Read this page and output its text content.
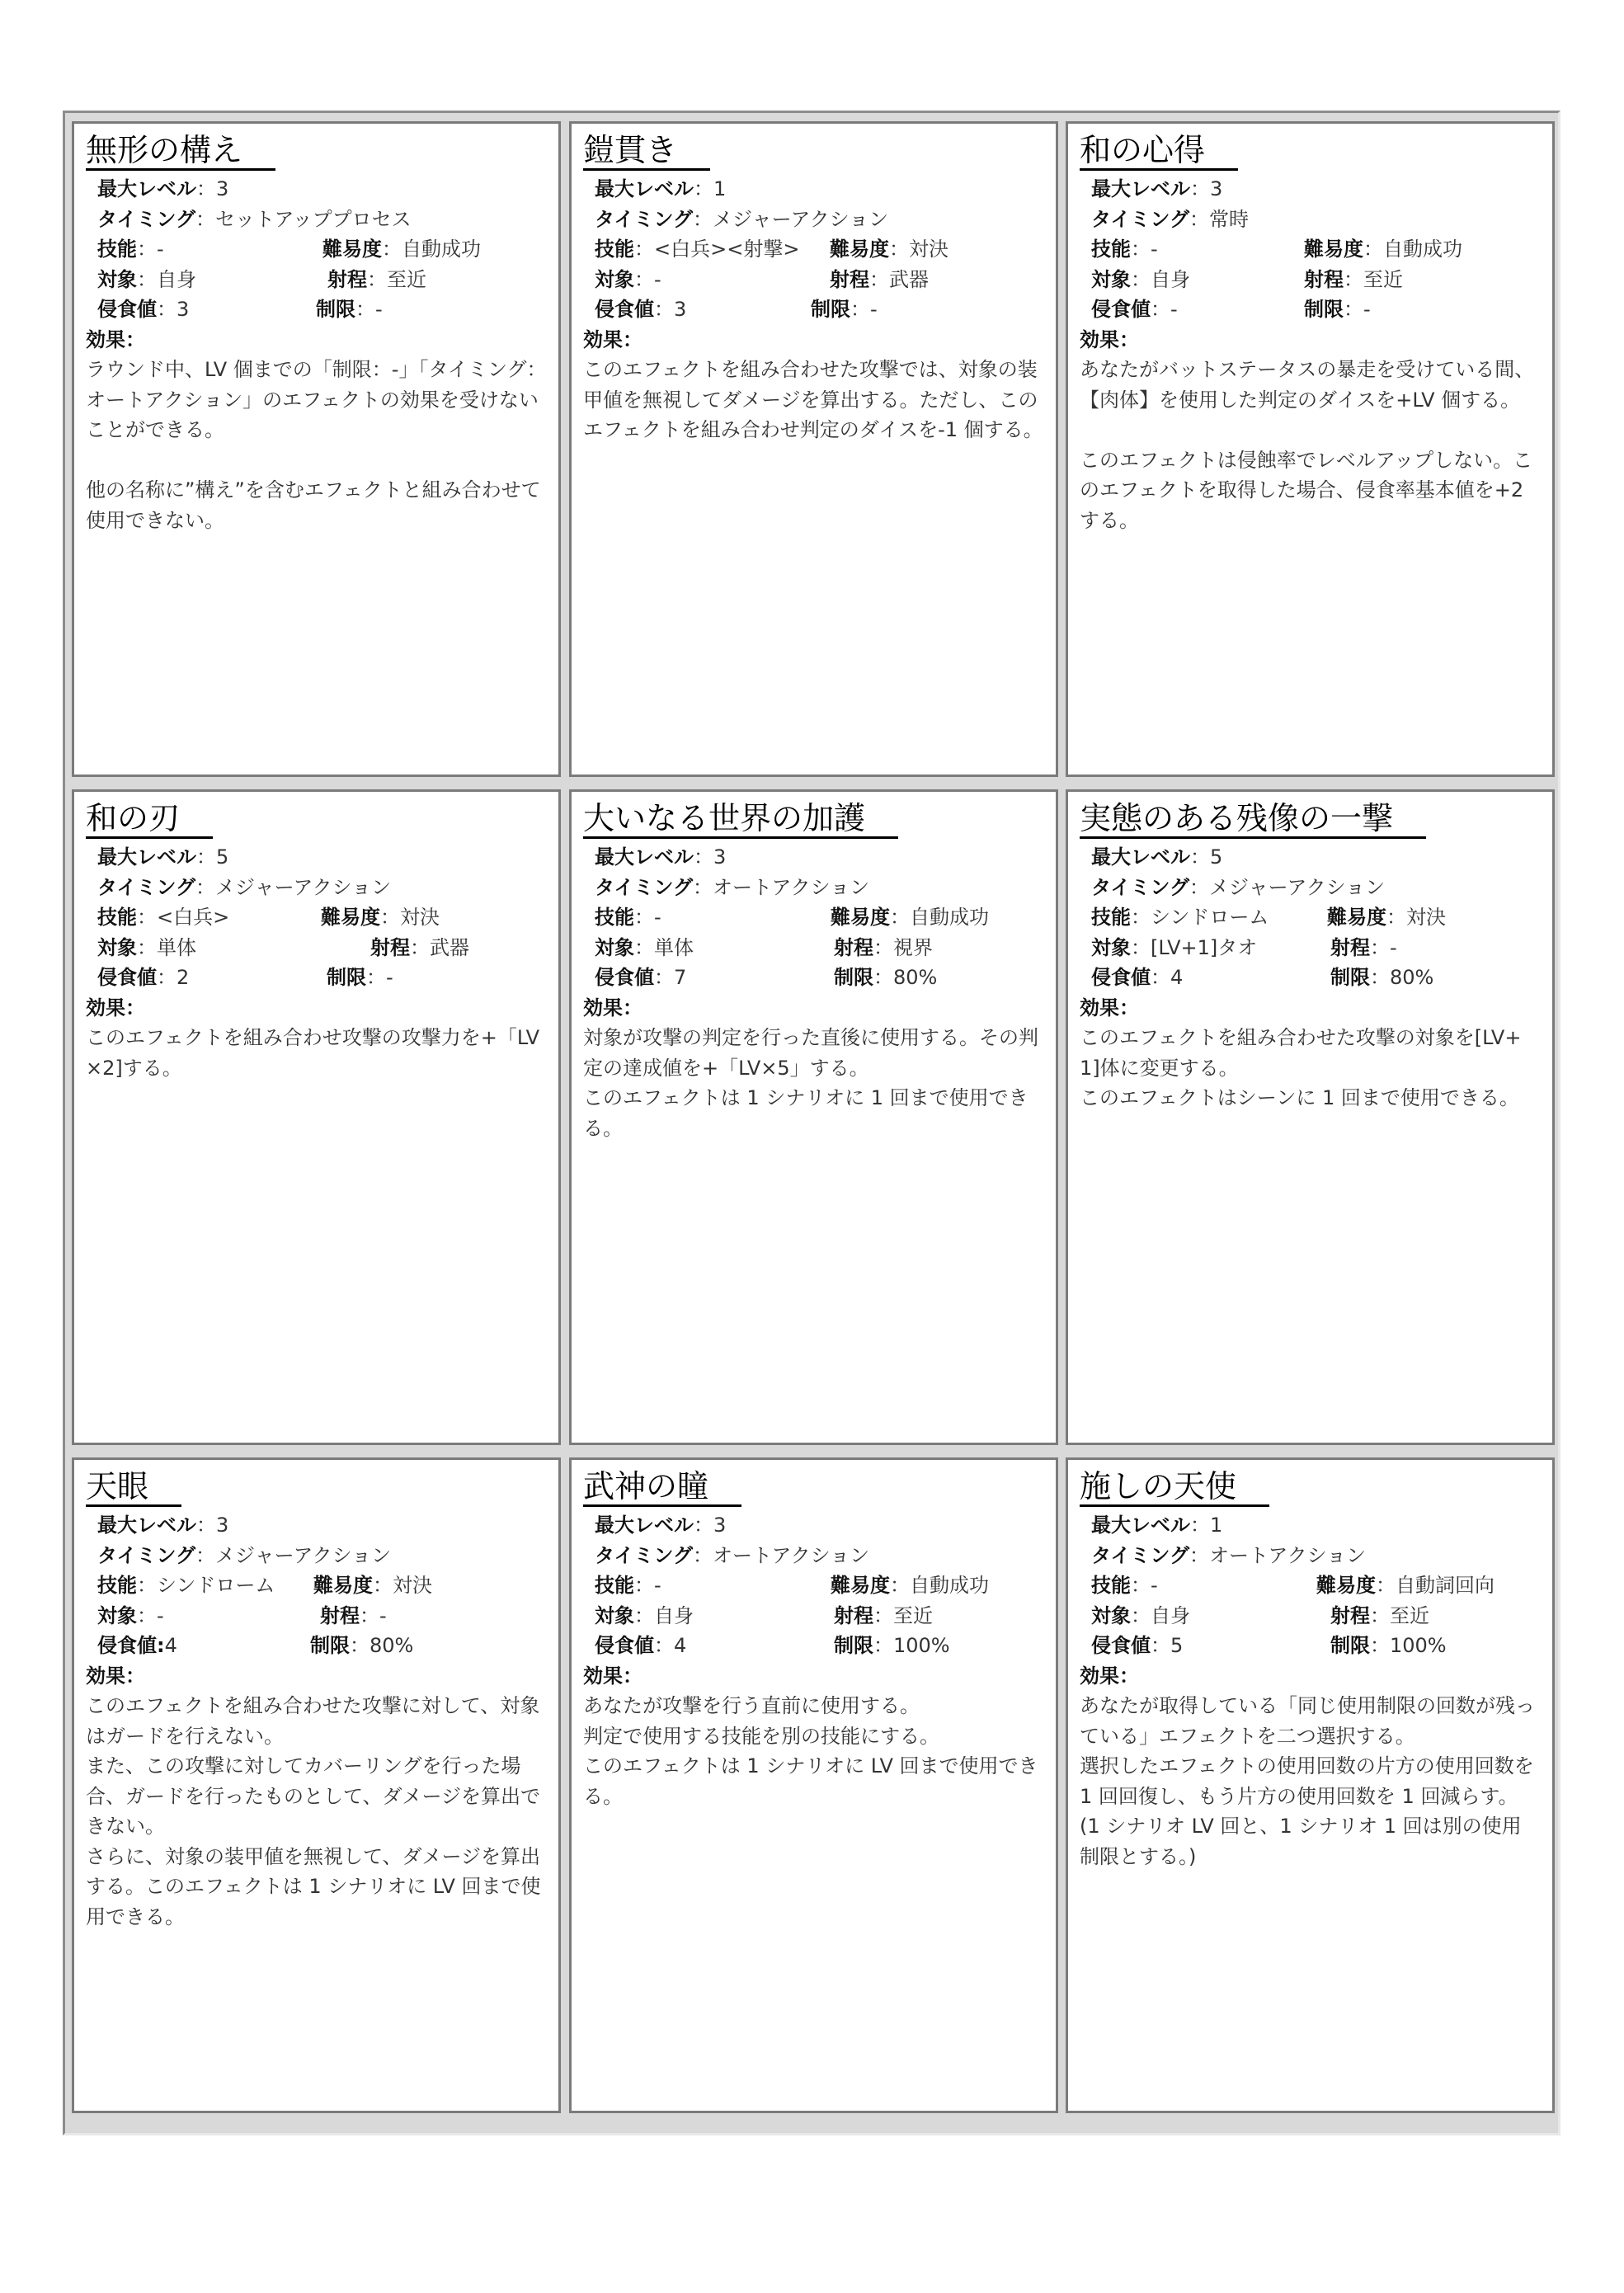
無形の構え
最大レベル：3
タイミング：セットアッププロセス
技能：-	難易度：自動成功
対象：自身	射程：至近
侵食値：3	制限：-
効果：

ラウンド中、LV 個までの「制限：-」「タイミング：オートアクション」のエフェクトの効果を受けないことができる。

他の名称に”構え”を含むエフェクトと組み合わせて使用できない。

鎧貫き
最大レベル：1
タイミング：メジャーアクション
技能：<白兵><射撃> 難易度：対決
対象：-	射程：武器
侵食値：3	制限：-
効果：

このエフェクトを組み合わせた攻撃では、対象の装甲値を無視してダメージを算出する。ただし、このエフェクトを組み合わせ判定のダイスを-1 個する。

和の心得
最大レベル：3
タイミング：常時
技能：-	難易度：自動成功
対象：自身	射程：至近
侵食値：-	制限：-
効果：

あなたがバットステータスの暴走を受けている間、【肉体】を使用した判定のダイスを+LV 個する。

このエフェクトは侵蝕率でレベルアップしない。このエフェクトを取得した場合、侵食率基本値を+2 する。

和の刃
最大レベル：5
タイミング：メジャーアクション
技能：<白兵>	難易度：対決
対象：単体	射程：武器
侵食値：2	制限：-
効果：

このエフェクトを組み合わせ攻撃の攻撃力を+「LV×2]する。

大いなる世界の加護
最大レベル：3
タイミング：オートアクション
技能：-	難易度：自動成功
対象：単体	射程：視界
侵食値：7	制限：80%
効果：

対象が攻撃の判定を行った直後に使用する。その判定の達成値を+「LV×5」する。

このエフェクトは 1 シナリオに 1 回まで使用できる。

実態のある残像の一撃
最大レベル：5
タイミング：メジャーアクション
技能：シンドローム	難易度：対決
対象：[LV+1]タオ	射程：-
侵食値：4	制限：80%
効果：

このエフェクトを組み合わせた攻撃の対象を[LV+1]体に変更する。

このエフェクトはシーンに 1 回まで使用できる。

天眼
最大レベル：3
タイミング：メジャーアクション
技能：シンドローム 難易度：対決
対象：-	射程：-
侵食値:4	制限：80%
効果：

このエフェクトを組み合わせた攻撃に対して、対象はガードを行えない。

また、この攻撃に対してカバーリングを行った場合、ガードを行ったものとして、ダメージを算出できない。

さらに、対象の装甲値を無視して、ダメージを算出する。このエフェクトは 1 シナリオに LV 回まで使用できる。

武神の瞳
最大レベル：3
タイミング：オートアクション
技能：-	難易度：自動成功
対象：自身	射程：至近
侵食値：4	制限：100%
効果：

あなたが攻撃を行う直前に使用する。

判定で使用する技能を別の技能にする。

このエフェクトは 1 シナリオに LV 回まで使用できる。

施しの天使
最大レベル：1
タイミング：オートアクション
技能：-	難易度：自動詞回向
対象：自身	射程：至近
侵食値：5	制限：100%
効果：

あなたが取得している「同じ使用制限の回数が残っている」エフェクトを二つ選択する。

選択したエフェクトの使用回数の片方の使用回数を 1 回回復し、もう片方の使用回数を 1 回減らす。

(1 シナリオ LV 回と、1 シナリオ 1 回は別の使用制限とする。)
